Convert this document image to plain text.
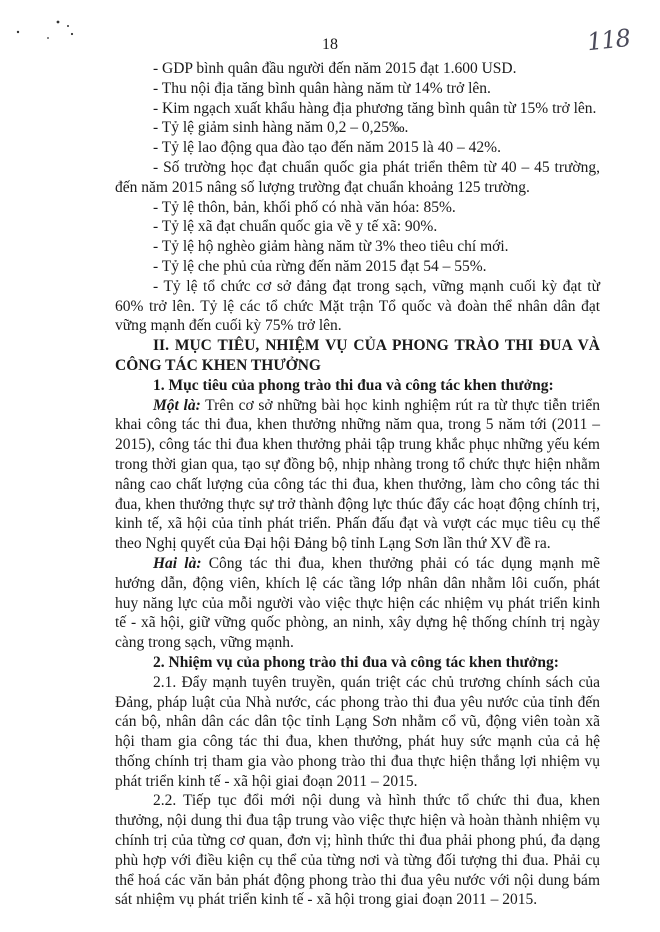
18	118

- GDP bình quân đầu người đến năm 2015 đạt 1.600 USD.

- Thu nội địa tăng bình quân hàng năm từ 14% trở lên.

- Kim ngạch xuất khẩu hàng địa phương tăng bình quân từ 15% trở lên.

- Tỷ lệ giảm sinh hàng năm 0,2 – 0,25‰.

- Tỷ lệ lao động qua đào tạo đến năm 2015 là 40 – 42%.

- Số trường học đạt chuẩn quốc gia phát triển thêm từ 40 – 45 trường, đến năm 2015 nâng số lượng trường đạt chuẩn khoảng 125 trường.

- Tỷ lệ thôn, bản, khối phố có nhà văn hóa: 85%.

- Tỷ lệ xã đạt chuẩn quốc gia về y tế xã: 90%.

- Tỷ lệ hộ nghèo giảm hàng năm từ 3% theo tiêu chí mới.

- Tỷ lệ che phủ của rừng đến năm 2015 đạt 54 – 55%.

- Tỷ lệ tổ chức cơ sở đảng đạt trong sạch, vững mạnh cuối kỳ đạt từ 60% trở lên. Tỷ lệ các tổ chức Mặt trận Tổ quốc và đoàn thể nhân dân đạt vững mạnh đến cuối kỳ 75% trở lên.

II. MỤC TIÊU, NHIỆM VỤ CỦA PHONG TRÀO THI ĐUA VÀ CÔNG TÁC KHEN THƯỞNG

1. Mục tiêu của phong trào thi đua và công tác khen thưởng:

Một là: Trên cơ sở những bài học kinh nghiệm rút ra từ thực tiễn triển khai công tác thi đua, khen thưởng những năm qua, trong 5 năm tới (2011 – 2015), công tác thi đua khen thưởng phải tập trung khắc phục những yếu kém trong thời gian qua, tạo sự đồng bộ, nhịp nhàng trong tổ chức thực hiện nhằm nâng cao chất lượng của công tác thi đua, khen thưởng, làm cho công tác thi đua, khen thưởng thực sự trở thành động lực thúc đẩy các hoạt động chính trị, kinh tế, xã hội của tỉnh phát triển. Phấn đấu đạt và vượt các mục tiêu cụ thể theo Nghị quyết của Đại hội Đảng bộ tỉnh Lạng Sơn lần thứ XV đề ra.

Hai là: Công tác thi đua, khen thưởng phải có tác dụng mạnh mẽ hướng dẫn, động viên, khích lệ các tầng lớp nhân dân nhằm lôi cuốn, phát huy năng lực của mỗi người vào việc thực hiện các nhiệm vụ phát triển kinh tế - xã hội, giữ vững quốc phòng, an ninh, xây dựng hệ thống chính trị ngày càng trong sạch, vững mạnh.

2. Nhiệm vụ của phong trào thi đua và công tác khen thưởng:

2.1. Đẩy mạnh tuyên truyền, quán triệt các chủ trương chính sách của Đảng, pháp luật của Nhà nước, các phong trào thi đua yêu nước của tỉnh đến cán bộ, nhân dân các dân tộc tỉnh Lạng Sơn nhằm cổ vũ, động viên toàn xã hội tham gia công tác thi đua, khen thưởng, phát huy sức mạnh của cả hệ thống chính trị tham gia vào phong trào thi đua thực hiện thắng lợi nhiệm vụ phát triển kinh tế - xã hội giai đoạn 2011 – 2015.

2.2. Tiếp tục đổi mới nội dung và hình thức tổ chức thi đua, khen thưởng, nội dung thi đua tập trung vào việc thực hiện và hoàn thành nhiệm vụ chính trị của từng cơ quan, đơn vị; hình thức thi đua phải phong phú, đa dạng phù hợp với điều kiện cụ thể của từng nơi và từng đối tượng thi đua. Phải cụ thể hoá các văn bản phát động phong trào thi đua yêu nước với nội dung bám sát nhiệm vụ phát triển kinh tế - xã hội trong giai đoạn 2011 – 2015.
